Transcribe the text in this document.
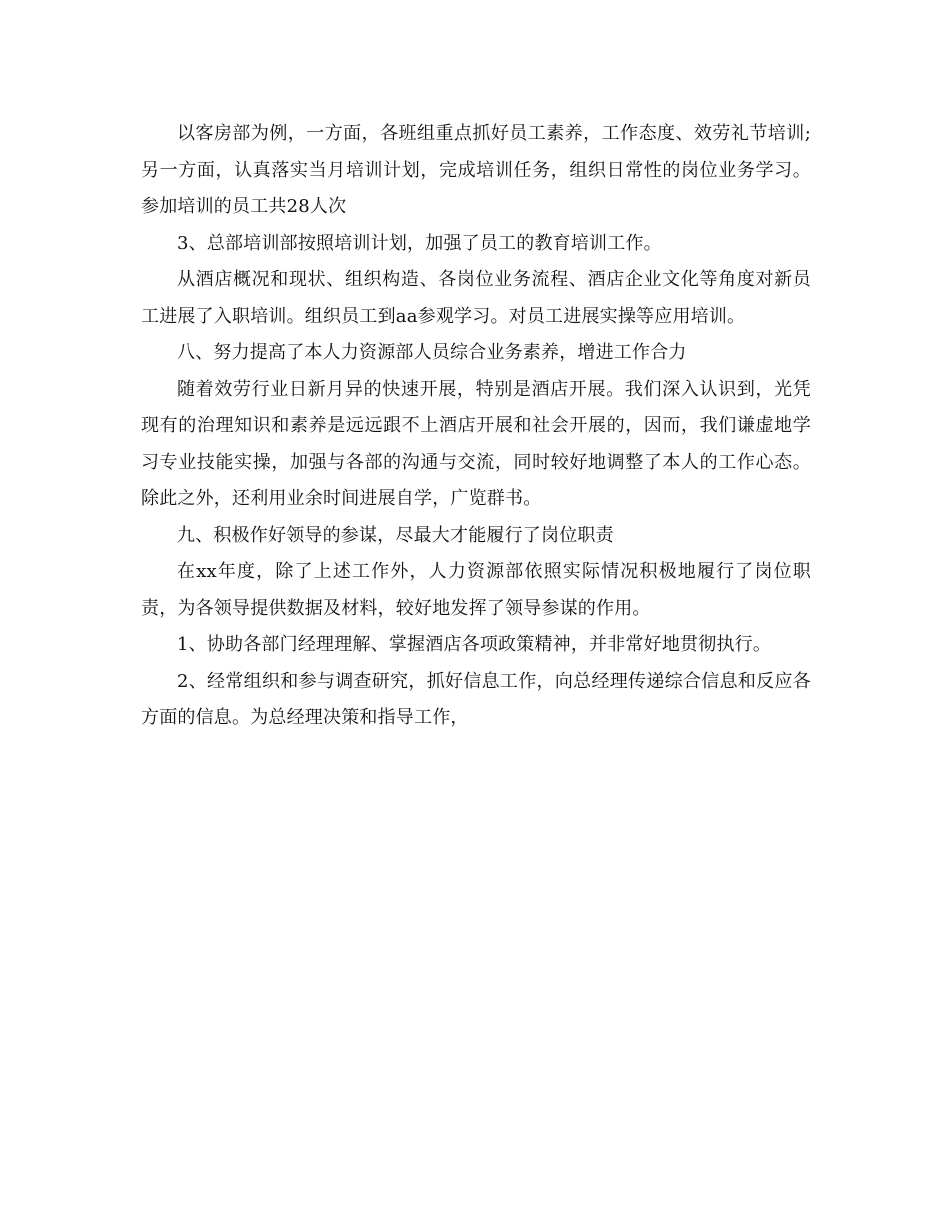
以客房部为例，一方面，各班组重点抓好员工素养，工作态度、效劳礼节培训;另一方面，认真落实当月培训计划，完成培训任务，组织日常性的岗位业务学习。参加培训的员工共28人次

3、总部培训部按照培训计划，加强了员工的教育培训工作。

从酒店概况和现状、组织构造、各岗位业务流程、酒店企业文化等角度对新员工进展了入职培训。组织员工到aa参观学习。对员工进展实操等应用培训。

八、努力提高了本人力资源部人员综合业务素养，增进工作合力

随着效劳行业日新月异的快速开展，特别是酒店开展。我们深入认识到，光凭现有的治理知识和素养是远远跟不上酒店开展和社会开展的，因而，我们谦虚地学习专业技能实操，加强与各部的沟通与交流，同时较好地调整了本人的工作心态。除此之外，还利用业余时间进展自学，广览群书。

九、积极作好领导的参谋，尽最大才能履行了岗位职责

在xx年度，除了上述工作外，人力资源部依照实际情况积极地履行了岗位职责，为各领导提供数据及材料，较好地发挥了领导参谋的作用。

1、协助各部门经理理解、掌握酒店各项政策精神，并非常好地贯彻执行。

2、经常组织和参与调查研究，抓好信息工作，向总经理传递综合信息和反应各方面的信息。为总经理决策和指导工作，
